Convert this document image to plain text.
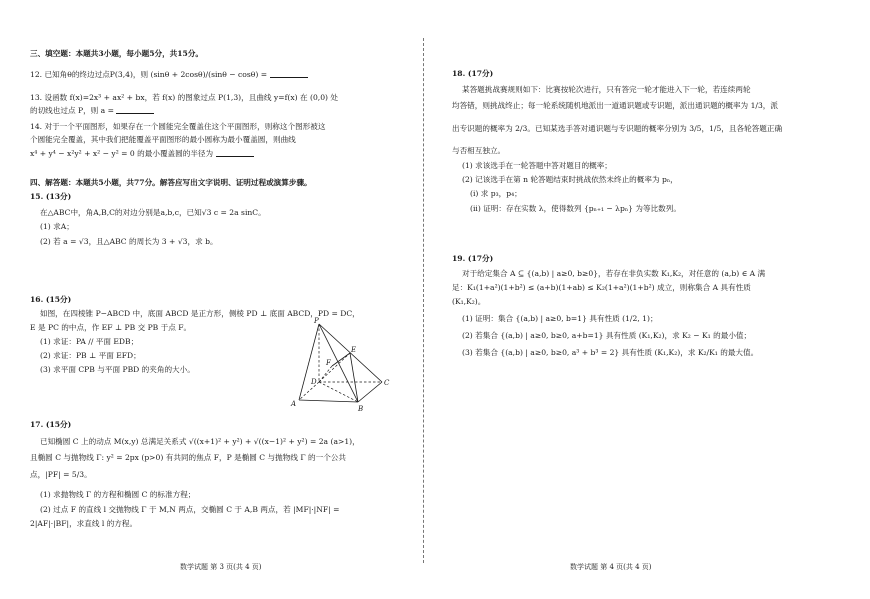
三、填空题：本题共3小题，每小题5分，共15分。
12. 已知角θ的终边过点P(3,4)，则 (sinθ + 2cosθ)/(sinθ − cosθ) =
13. 设函数 f(x)=2x³ + ax² + bx，若 f(x) 的图象过点 P(1,3)，且曲线 y=f(x) 在 (0,0) 处
的切线也过点 P，则 a =
14. 对于一个平面图形，如果存在一个圆能完全覆盖住这个平面图形，则称这个图形被这
个圆能完全覆盖，其中我们把能覆盖平面图形的最小圆称为最小覆盖圆，则曲线
x⁴ + y⁴ − x²y² + x² − y² = 0 的最小覆盖圆的半径为
四、解答题：本题共5小题，共77分。解答应写出文字说明、证明过程或演算步骤。
15. (13分)
在△ABC中，角A,B,C的对边分别是a,b,c，已知√3 c = 2a sinC。
(1) 求A；
(2) 若 a = √3，且△ABC 的周长为 3 + √3，求 b。
16. (15分)
如图，在四棱锥 P−ABCD 中，底面 ABCD 是正方形，侧棱 PD ⊥ 底面 ABCD，PD = DC，
E 是 PC 的中点，作 EF ⊥ PB 交 PB 于点 F。
(1) 求证：PA // 平面 EDB；
(2) 求证：PB ⊥ 平面 EFD；
(3) 求平面 CPB 与平面 PBD 的夹角的大小。
P
F
E
D	C
A
B
17. (15分)
已知椭圆 C 上的动点 M(x,y) 总满足关系式 √((x+1)² + y²) + √((x−1)² + y²) = 2a (a>1)，
且椭圆 C 与抛物线 Γ: y² = 2px (p>0) 有共同的焦点 F，P 是椭圆 C 与抛物线 Γ 的一个公共
点，|PF| = 5/3。
(1) 求抛物线 Γ 的方程和椭圆 C 的标准方程；
(2) 过点 F 的直线 l 交抛物线 Γ 于 M,N 两点，交椭圆 C 于 A,B 两点，若 |MF|·|NF| =
2|AF|·|BF|，求直线 l 的方程。
数学试题 第 3 页(共 4 页)
18. (17分)
某答题挑战赛规则如下：比赛按轮次进行，只有答完一轮才能进入下一轮，若连续两轮
均答错，则挑战终止；每一轮系统随机地派出一道通识题或专识题，派出通识题的概率为 1/3，派
出专识题的概率为 2/3。已知某选手答对通识题与专识题的概率分别为 3/5，1/5，且各轮答题正确
与否相互独立。
(1) 求该选手在一轮答题中答对题目的概率；
(2) 记该选手在第 n 轮答题结束时挑战依然未终止的概率为 pₙ，
(i) 求 p₃，p₄；
(ii) 证明：存在实数 λ，使得数列 {pₙ₊₁ − λpₙ} 为等比数列。
19. (17分)
对于给定集合 A ⊆ {(a,b) | a≥0, b≥0}，若存在非负实数 K₁,K₂，对任意的 (a,b) ∈ A 满
足：K₁(1+a²)(1+b²) ≤ (a+b)(1+ab) ≤ K₂(1+a²)(1+b²) 成立，则称集合 A 具有性质
(K₁,K₂)。
(1) 证明：集合 {(a,b) | a≥0, b=1} 具有性质 (1/2, 1)；
(2) 若集合 {(a,b) | a≥0, b≥0, a+b=1} 具有性质 (K₁,K₂)，求 K₂ − K₁ 的最小值；
(3) 若集合 {(a,b) | a≥0, b≥0, a³ + b³ = 2} 具有性质 (K₁,K₂)，求 K₂/K₁ 的最大值。
数学试题 第 4 页(共 4 页)
